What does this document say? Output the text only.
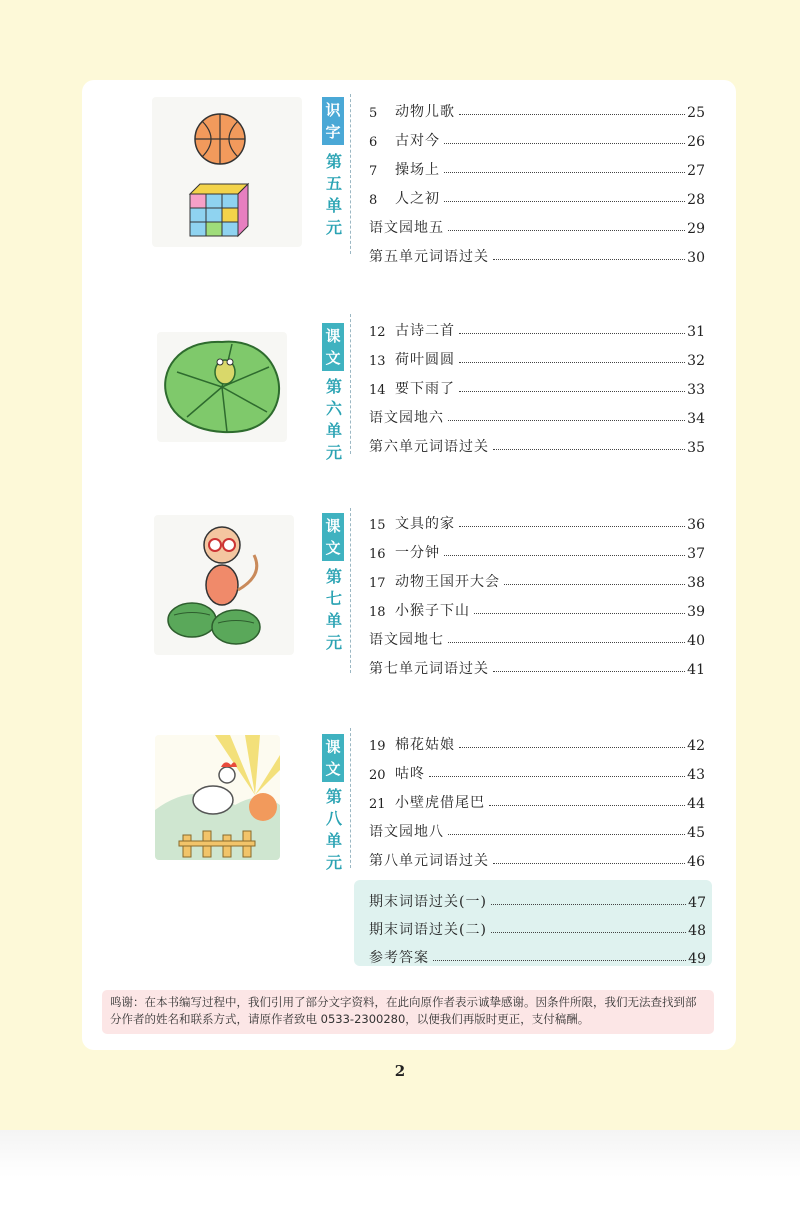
识
字
第
五
单
元
5	动物儿歌	25
6	古对今	26
7	操场上	27
8	人之初	28
语文园地五	29
第五单元词语过关	30
课
文
第
六
单
元
12 古诗二首	31
13 荷叶圆圆	32
14 要下雨了	33
语文园地六	34
第六单元词语过关	35
课
文
第
七
单
元
15 文具的家	36
16 一分钟	37
17 动物王国开大会	38
18 小猴子下山	39
语文园地七	40
第七单元词语过关	41
课
文
第
八
单
元
19 棉花姑娘	42
20 咕咚	43
21 小壁虎借尾巴	44
语文园地八	45
第八单元词语过关	46
期末词语过关(一)	47
期末词语过关(二)	48
参考答案	49
鸣谢：在本书编写过程中，我们引用了部分文字资料，在此向原作者表示诚挚感谢。因条件所限，我们无法查找到部分作者的姓名和联系方式，请原作者致电 0533-2300280，以便我们再版时更正，支付稿酬。
2
